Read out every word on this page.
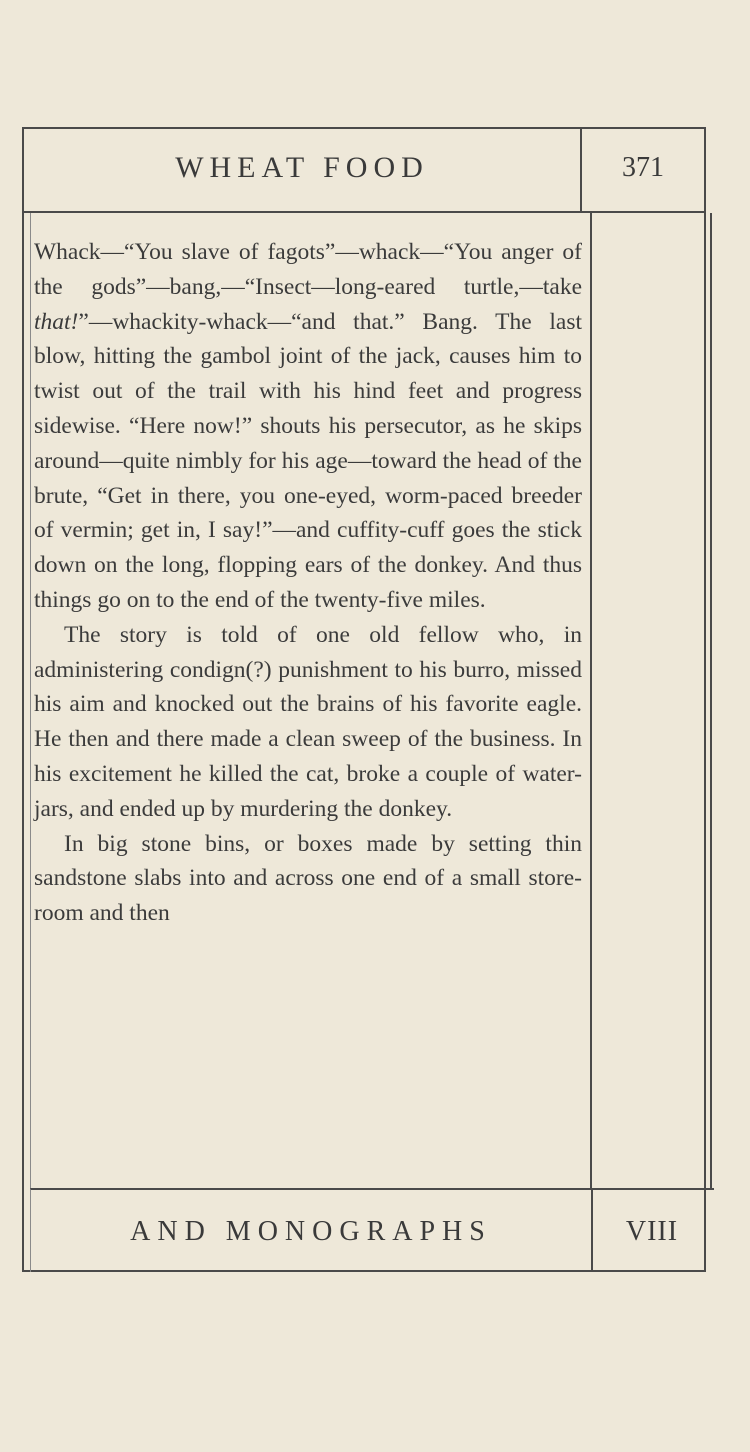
WHEAT FOOD	371

Whack—“You slave of fagots”—whack—“You anger of the gods”—bang,—“Insect—long-eared turtle,—take that!”—whackity-whack—“and that.” Bang. The last blow, hitting the gambol joint of the jack, causes him to twist out of the trail with his hind feet and progress sidewise. “Here now!” shouts his persecutor, as he skips around—quite nimbly for his age—toward the head of the brute, “Get in there, you one-eyed, worm-paced breeder of vermin; get in, I say!”—and cuffity-cuff goes the stick down on the long, flopping ears of the donkey. And thus things go on to the end of the twenty-five miles.

The story is told of one old fellow who, in administering condign(?) punishment to his burro, missed his aim and knocked out the brains of his favorite eagle. He then and there made a clean sweep of the business. In his excitement he killed the cat, broke a couple of water-jars, and ended up by murdering the donkey.

In big stone bins, or boxes made by setting thin sandstone slabs into and across one end of a small store-room and then

AND MONOGRAPHS	VIII
